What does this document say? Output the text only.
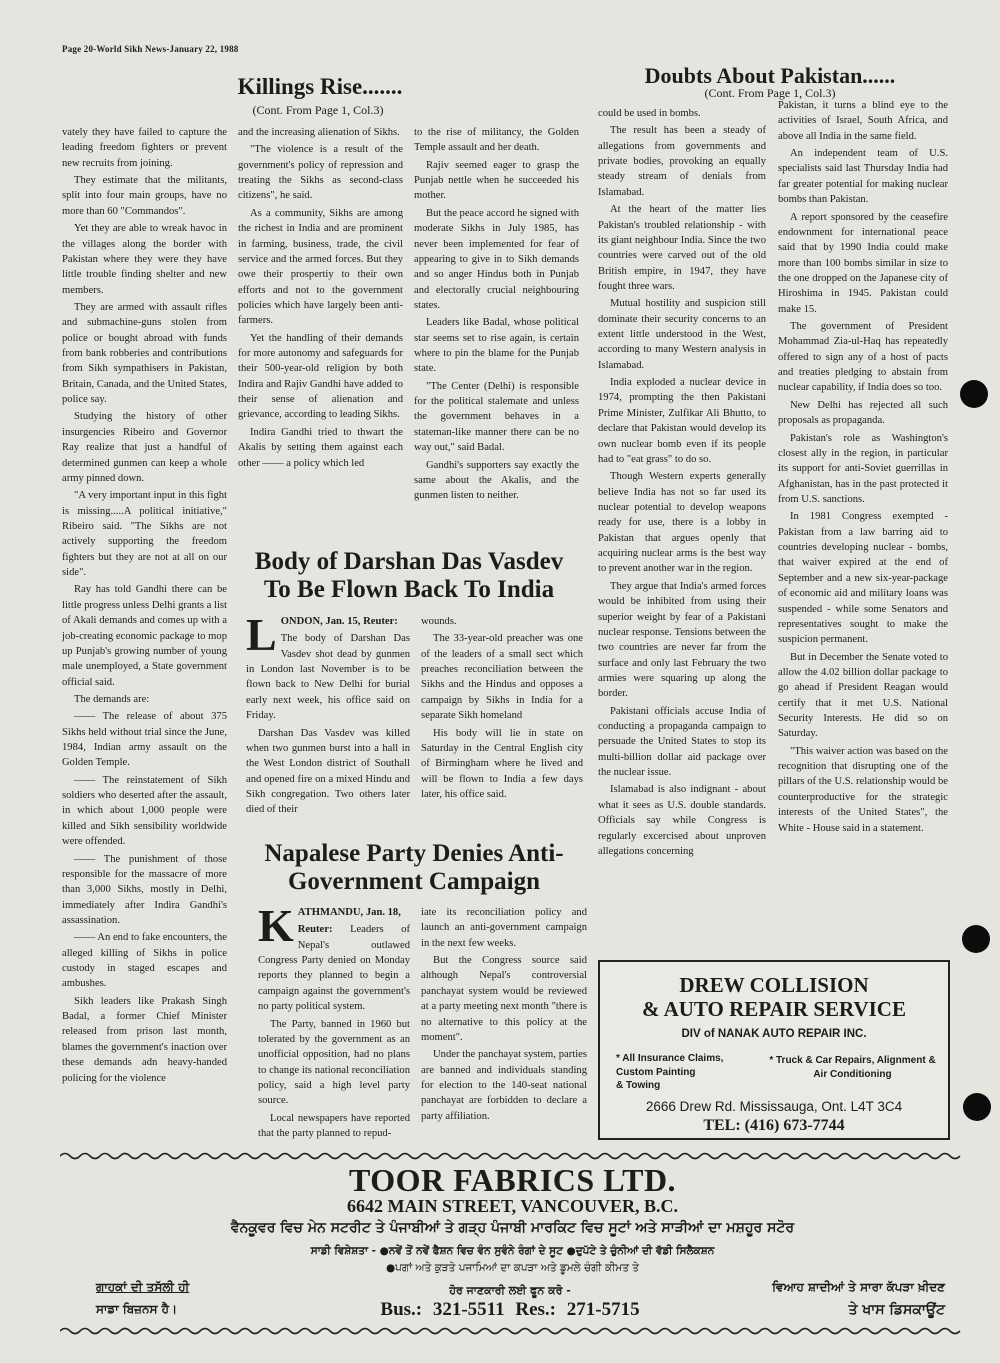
Page 20-World Sikh News-January 22, 1988
Killings Rise.......
(Cont. From Page 1, Col.3)

vately they have failed to capture the leading freedom fighters or prevent new recruits from joining.

They estimate that the militants, split into four main groups, have no more than 60 "Commandos".

Yet they are able to wreak havoc in the villages along the border with Pakistan where they were they have little trouble finding shelter and new members.

They are armed with assault rifles and submachine-guns stolen from police or bought abroad with funds from bank robberies and contributions from Sikh sympathisers in Pakistan, Britain, Canada, and the United States, police say.

Studying the history of other insurgencies Ribeiro and Governor Ray realize that just a handful of determined gunmen can keep a whole army pinned down.

"A very important input in this fight is missing.....A political initiative," Ribeiro said. "The Sikhs are not actively supporting the freedom fighters but they are not at all on our side".

Ray has told Gandhi there can be little progress unless Delhi grants a list of Akali demands and comes up with a job-creating economic package to mop up Punjab's growing number of young male unemployed, a State government official said.

The demands are:

—— The release of about 375 Sikhs held without trial since the June, 1984, Indian army assault on the Golden Temple.

—— The reinstatement of Sikh soldiers who deserted after the assault, in which about 1,000 people were killed and Sikh sensibility worldwide were offended.

—— The punishment of those responsible for the massacre of more than 3,000 Sikhs, mostly in Delhi, immediately after Indira Gandhi's assassination.

—— An end to fake encounters, the alleged killing of Sikhs in police custody in staged escapes and ambushes.

Sikh leaders like Prakash Singh Badal, a former Chief Minister released from prison last month, blames the government's inaction over these demands adn heavy-handed policing for the violence

and the increasing alienation of Sikhs.

"The violence is a result of the government's policy of repression and treating the Sikhs as second-class citizens", he said.

As a community, Sikhs are among the richest in India and are prominent in farming, business, trade, the civil service and the armed forces. But they owe their prospertiy to their own efforts and not to the government policies which have largely been anti-farmers.

Yet the handling of their demands for more autonomy and safeguards for their 500-year-old religion by both Indira and Rajiv Gandhi have added to their sense of alienation and grievance, according to leading Sikhs.

Indira Gandhi tried to thwart the Akalis by setting them against each other —— a policy which led

to the rise of militancy, the Golden Temple assault and her death.

Rajiv seemed eager to grasp the Punjab nettle when he succeeded his mother.

But the peace accord he signed with moderate Sikhs in July 1985, has never been implemented for fear of appearing to give in to Sikh demands and so anger Hindus both in Punjab and electorally crucial neighbouring states.

Leaders like Badal, whose political star seems set to rise again, is certain where to pin the blame for the Punjab state.

"The Center (Delhi) is responsible for the political stalemate and unless the government behaves in a stateman-like manner there can be no way out," said Badal.

Gandhi's supporters say exactly the same about the Akalis, and the gunmen listen to neither.

Body of Darshan Das Vasdev
To Be Flown Back To India
L ONDON, Jan. 15, Reuter:

The body of Darshan Das Vasdev shot dead by gunmen in London last November is to be flown back to New Delhi for burial early next week, his office said on Friday.

Darshan Das Vasdev was killed when two gunmen burst into a hall in the West London district of Southall and opened fire on a mixed Hindu and Sikh congregation. Two others later died of their

wounds.

The 33-year-old preacher was one of the leaders of a small sect which preaches reconciliation between the Sikhs and the Hindus and opposes a campaign by Sikhs in India for a separate Sikh homeland

His body will lie in state on Saturday in the Central English city of Birmingham where he lived and will be flown to India a few days later, his office said.

Napalese Party Denies Anti-
Government Campaign
K ATHMANDU, Jan. 18,

Reuter: Leaders of Nepal's outlawed Congress Party denied on Monday reports they planned to begin a campaign against the government's no party political system.

The Party, banned in 1960 but tolerated by the government as an unofficial opposition, had no plans to change its national reconciliation policy, said a high level party source.

Local newspapers have reported that the party planned to repud-

iate its reconciliation policy and launch an anti-government campaign in the next few weeks.

But the Congress source said although Nepal's controversial panchayat system would be reviewed at a party meeting next month "there is no alternative to this policy at the moment".

Under the panchayat system, parties are banned and individuals standing for election to the 140-seat national panchayat are forbidden to declare a party affiliation.

Doubts About Pakistan......
(Cont. From Page 1, Col.3)

could be used in bombs.

The result has been a steady of allegations from governments and private bodies, provoking an equally steady stream of denials from Islamabad.

At the heart of the matter lies Pakistan's troubled relationship - with its giant neighbour India. Since the two countries were carved out of the old British empire, in 1947, they have fought three wars.

Mutual hostility and suspicion still dominate their security concerns to an extent little understood in the West, according to many Western analysis in Islamabad.

India exploded a nuclear device in 1974, prompting the then Pakistani Prime Minister, Zulfikar Ali Bhutto, to declare that Pakistan would develop its own nuclear bomb even if its people had to "eat grass" to do so.

Though Western experts generally believe India has not so far used its nuclear potential to develop weapons ready for use, there is a lobby in Pakistan that argues openly that acquiring nuclear arms is the best way to prevent another war in the region.

They argue that India's armed forces would be inhibited from using their superior weight by fear of a Pakistani nuclear response. Tensions between the two countries are never far from the surface and only last February the two armies were squaring up along the border.

Pakistani officials accuse India of conducting a propaganda campaign to persuade the United States to stop its multi-billion dollar aid package over the nuclear issue.

Islamabad is also indignant - about what it sees as U.S. double standards. Officials say while Congress is regularly excercised about unproven allegations concerning

Pakistan, it turns a blind eye to the activities of Israel, South Africa, and above all India in the same field.

An independent team of U.S. specialists said last Thursday India had far greater potential for making nuclear bombs than Pakistan.

A report sponsored by the ceasefire endownment for international peace said that by 1990 India could make more than 100 bombs similar in size to the one dropped on the Japanese city of Hiroshima in 1945. Pakistan could make 15.

The government of President Mohammad Zia-ul-Haq has repeatedly offered to sign any of a host of pacts and treaties pledging to abstain from nuclear capability, if India does so too.

New Delhi has rejected all such proposals as propaganda.

Pakistan's role as Washington's closest ally in the region, in particular its support for anti-Soviet guerrillas in Afghanistan, has in the past protected it from U.S. sanctions.

In 1981 Congress exempted - Pakistan from a law barring aid to countries developing nuclear - bombs, that waiver expired at the end of September and a new six-year-package of economic aid and military loans was suspended - while some Senators and representatives sought to make the suspicion permanent.

But in December the Senate voted to allow the 4.02 billion dollar package to go ahead if President Reagan would certify that it met U.S. National Security Interests. He did so on Saturday.

"This waiver action was based on the recognition that disrupting one of the pillars of the U.S. relationship would be counterproductive for the strategic interests of the United States", the White - House said in a statement.

DREW COLLISION
& AUTO REPAIR SERVICE
DIV of NANAK AUTO REPAIR INC.
* All Insurance Claims,
Custom Painting
& Towing
* Truck & Car Repairs, Alignment &
Air Conditioning
2666 Drew Rd. Mississauga, Ont. L4T 3C4
TEL: (416) 673-7744
TOOR FABRICS LTD.
6642 MAIN STREET, VANCOUVER, B.C.
ਵੈਨਕੂਵਰ ਵਿਚ ਮੇਨ ਸਟਰੀਟ ਤੇ ਪੰਜਾਬੀਆਂ ਤੇ ਗੜ੍ਹ ਪੰਜਾਬੀ ਮਾਰਕਿਟ ਵਿਚ ਸੂਟਾਂ ਅਤੇ ਸਾੜੀਆਂ ਦਾ ਮਸ਼ਹੂਰ ਸਟੋਰ
ਸਾਡੀ ਵਿਸ਼ੇਸ਼ਤਾ - ●ਨਵੇਂ ਤੋਂ ਨਵੇਂ ਫੈਸ਼ਨ ਵਿਚ ਵੰਨ ਸੁਵੰਨੇ ਰੰਗਾਂ ਦੇ ਸੂਟ ●ਦੁਪੱਟੇ ਤੇ ਚੁੰਨੀਆਂ ਦੀ ਵੱਡੀ ਸਿਲੈਕਸ਼ਨ
●ਪਗਾਂ ਅਤੇ ਕੁੜਤੇ ਪਜਾਮਿਆਂ ਦਾ ਕਪੜਾ ਅਤੇ ਡੂਮਲੇ ਚੰਗੀ ਕੀਮਤ ਤੇ
ਗਾਹਕਾਂ ਦੀ ਤਸੱਲੀ ਹੀ
ਸਾਡਾ ਬਿਜ਼ਨਸ ਹੈ।
ਹੋਰ ਜਾਣਕਾਰੀ ਲਈ ਫੂਨ ਕਰੋ -
Bus.: 321-5511 Res.: 271-5715
ਵਿਆਹ ਸ਼ਾਦੀਆਂ ਤੇ ਸਾਰਾ ਕੱਪੜਾ ਖ਼ੀਦਣ
ਤੇ ਖਾਸ ਡਿਸਕਾਊਂਟ
